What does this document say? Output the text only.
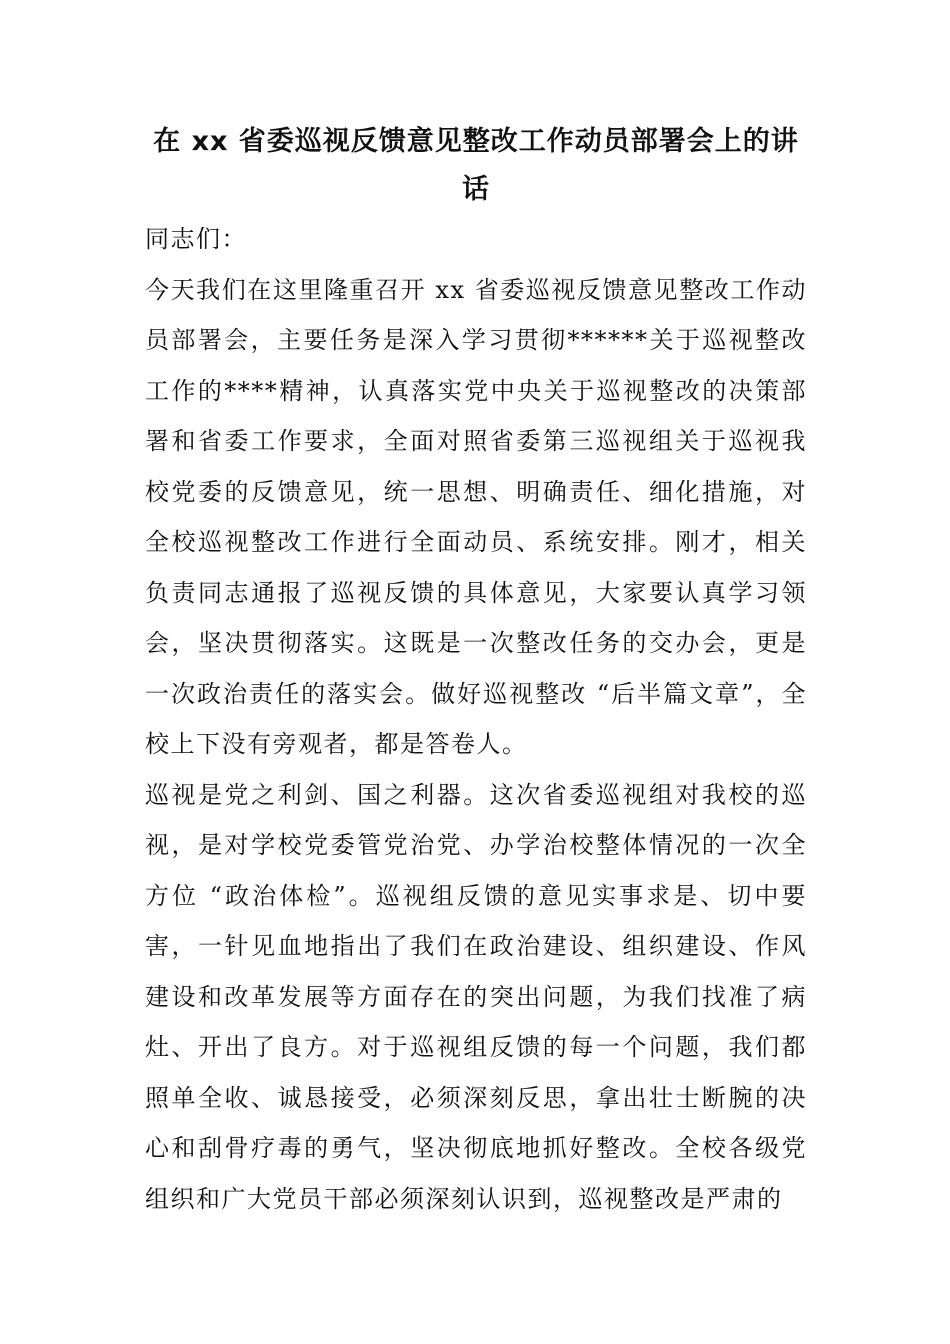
在 xx 省委巡视反馈意见整改工作动员部署会上的讲话

同志们：

今天我们在这里隆重召开 xx 省委巡视反馈意见整改工作动员部署会，主要任务是深入学习贯彻******关于巡视整改工作的****精神，认真落实党中央关于巡视整改的决策部署和省委工作要求，全面对照省委第三巡视组关于巡视我校党委的反馈意见，统一思想、明确责任、细化措施，对全校巡视整改工作进行全面动员、系统安排。刚才，相关负责同志通报了巡视反馈的具体意见，大家要认真学习领会，坚决贯彻落实。这既是一次整改任务的交办会，更是一次政治责任的落实会。做好巡视整改 “后半篇文章”，全校上下没有旁观者，都是答卷人。

巡视是党之利剑、国之利器。这次省委巡视组对我校的巡视，是对学校党委管党治党、办学治校整体情况的一次全方位 “政治体检”。巡视组反馈的意见实事求是、切中要害，一针见血地指出了我们在政治建设、组织建设、作风建设和改革发展等方面存在的突出问题，为我们找准了病灶、开出了良方。对于巡视组反馈的每一个问题，我们都照单全收、诚恳接受，必须深刻反思，拿出壮士断腕的决心和刮骨疗毒的勇气，坚决彻底地抓好整改。全校各级党组织和广大党员干部必须深刻认识到，巡视整改是严肃的
